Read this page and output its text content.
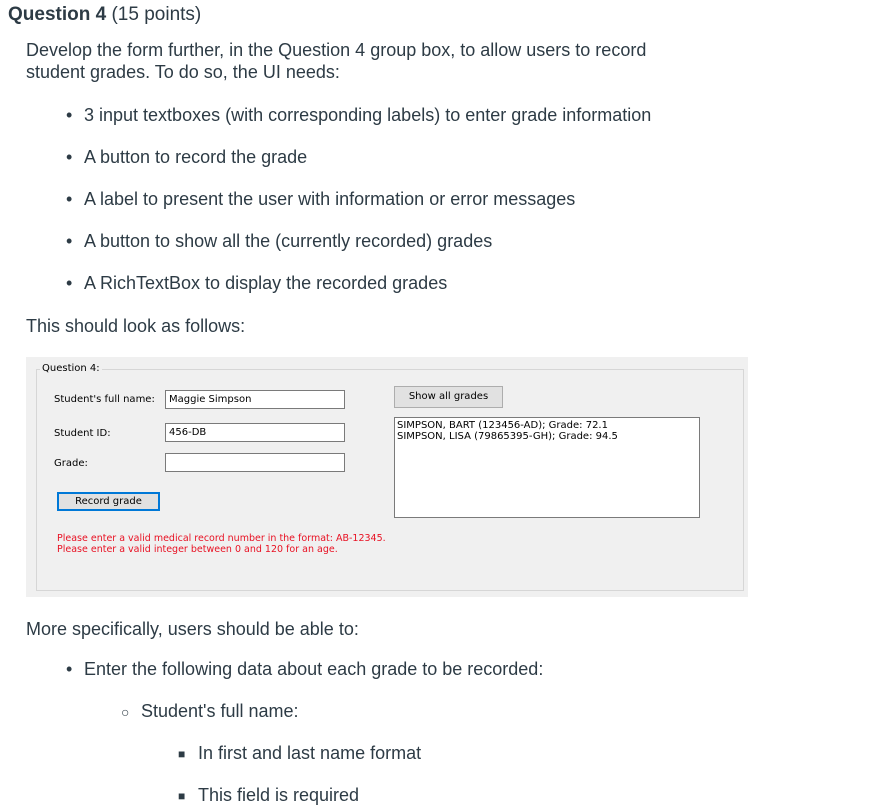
Question 4 (15 points)
Develop the form further, in the Question 4 group box, to allow users to record
student grades. To do so, the UI needs:
• 3 input textboxes (with corresponding labels) to enter grade information
• A button to record the grade
• A label to present the user with information or error messages
• A button to show all the (currently recorded) grades
• A RichTextBox to display the recorded grades
This should look as follows:
Question 4:
Student's full name:	Maggie Simpson
Student ID:	456-DB
Grade:
Record grade
Show all grades
SIMPSON, BART (123456-AD); Grade: 72.1
SIMPSON, LISA (79865395-GH); Grade: 94.5
Please enter a valid medical record number in the format: AB-12345.
Please enter a valid integer between 0 and 120 for an age.
More specifically, users should be able to:
• Enter the following data about each grade to be recorded:
○ Student's full name:
■ In first and last name format
■ This field is required
